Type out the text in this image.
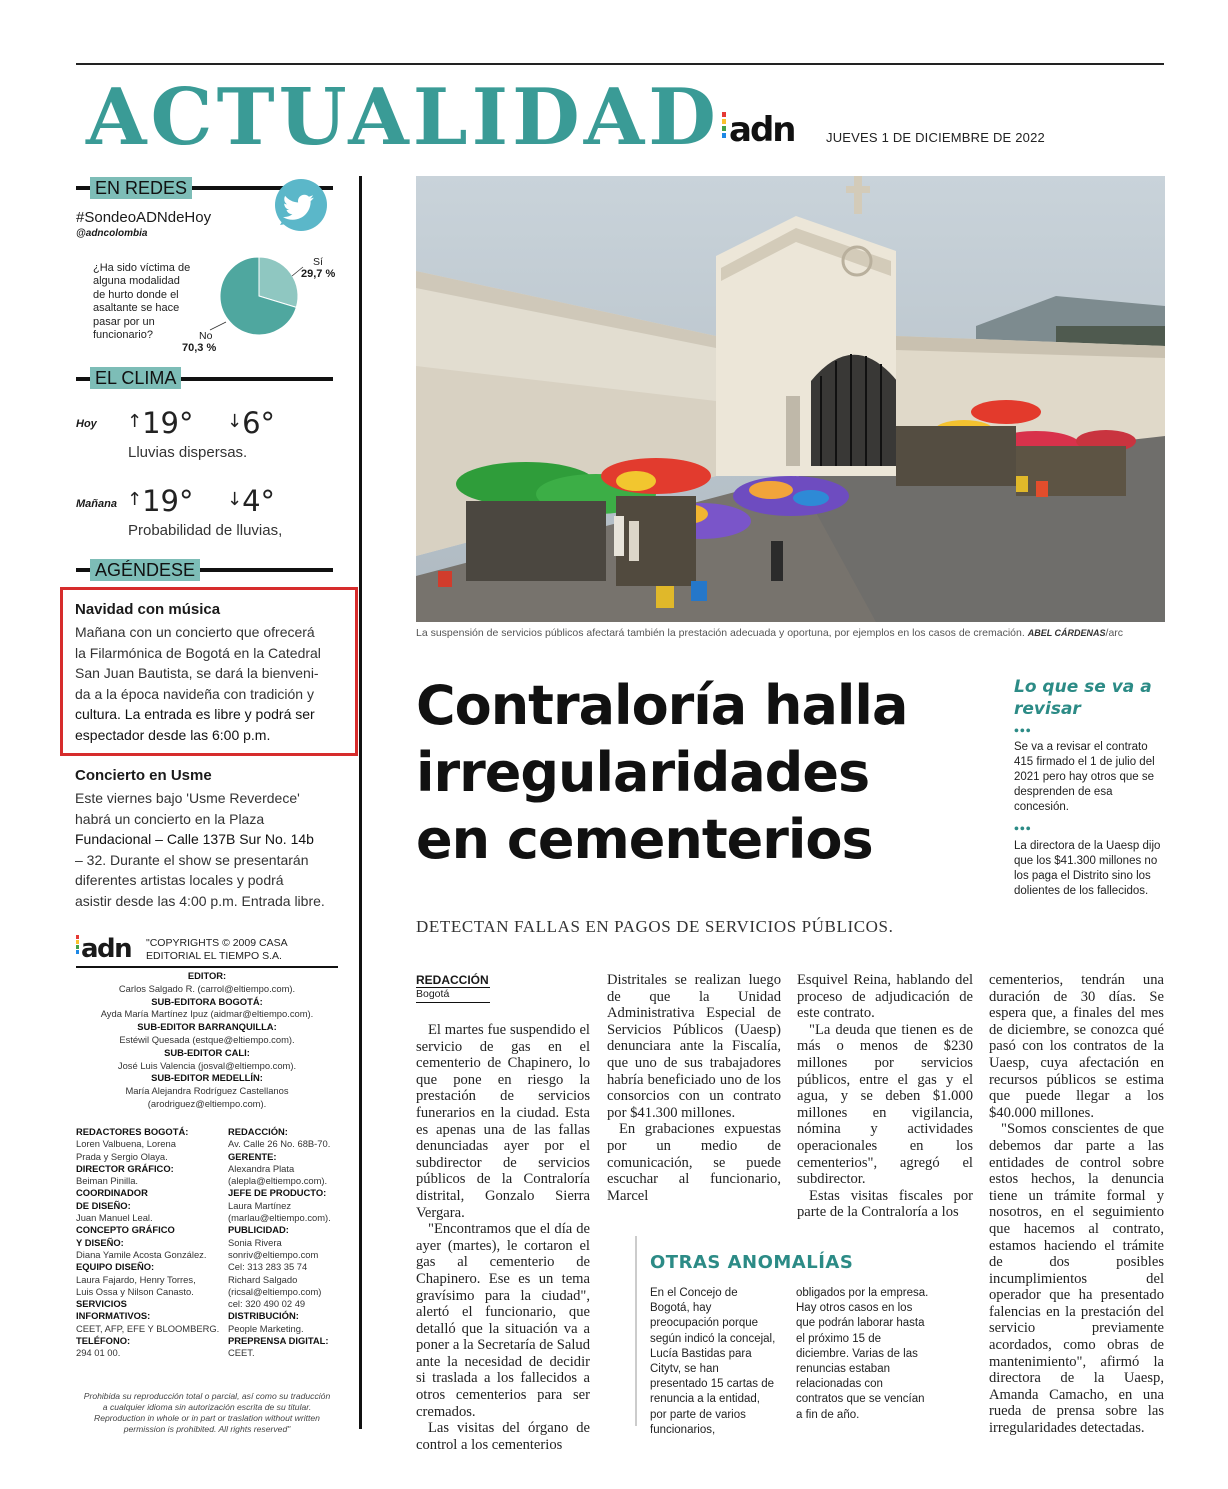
ACTUALIDAD adn JUEVES 1 DE DICIEMBRE DE 2022
EN REDES
#SondeoADNdeHoy
@adncolombia
¿Ha sido víctima de
alguna modalidad
de hurto donde el
asaltante se hace
pasar por un
funcionario?
Sí
29,7 %
No
70,3 %
EL CLIMA
Hoy ↑19° ↓6°
Lluvias dispersas.
Mañana ↑19° ↓4°
Probabilidad de lluvias,
AGÉNDESE
Navidad con música
Mañana con un concierto que ofrecerá
la Filarmónica de Bogotá en la Catedral
San Juan Bautista, se dará la bienveni-
da a la época navideña con tradición y
cultura. La entrada es libre y podrá ser
espectador desde las 6:00 p.m.
Concierto en Usme
Este viernes bajo 'Usme Reverdece'
habrá un concierto en la Plaza
Fundacional – Calle 137B Sur No. 14b
– 32. Durante el show se presentarán
diferentes artistas locales y podrá
asistir desde las 4:00 p.m. Entrada libre.
adn "COPYRIGHTS © 2009 CASA
EDITORIAL EL TIEMPO S.A.
EDITOR:
Carlos Salgado R. (carrol@eltiempo.com).
SUB-EDITORA BOGOTÁ:
Ayda María Martínez Ipuz (aidmar@eltiempo.com).
SUB-EDITOR BARRANQUILLA:
Estéwil Quesada (estque@eltiempo.com).
SUB-EDITOR CALI:
José Luis Valencia (josval@eltiempo.com).
SUB-EDITOR MEDELLÍN:
María Alejandra Rodríguez Castellanos
(arodriguez@eltiempo.com).
REDACTORES BOGOTÁ:
Loren Valbuena, Lorena
Prada y Sergio Olaya.
DIRECTOR GRÁFICO:
Beiman Pinilla.
COORDINADOR
DE DISEÑO:
Juan Manuel Leal.
CONCEPTO GRÁFICO
Y DISEÑO:
Diana Yamile Acosta González.
EQUIPO DISEÑO:
Laura Fajardo, Henry Torres,
Luis Ossa y Nilson Canasto.
SERVICIOS
INFORMATIVOS:
CEET, AFP, EFE Y BLOOMBERG.
TELÉFONO:
294 01 00.
REDACCIÓN:
Av. Calle 26 No. 68B-70.
GERENTE:
Alexandra Plata
(alepla@eltiempo.com).
JEFE DE PRODUCTO:
Laura Martínez
(marlau@eltiempo.com).
PUBLICIDAD:
Sonia Rivera
sonriv@eltiempo.com
Cel: 313 283 35 74
Richard Salgado
(ricsal@eltiempo.com)
cel: 320 490 02 49
DISTRIBUCIÓN:
People Marketing.
PREPRENSA DIGITAL:
CEET.
Prohibida su reproducción total o parcial, así como su traducción
a cualquier idioma sin autorización escrita de su titular.
Reproduction in whole or in part or traslation without written
permission is prohibited. All rights reserved"
La suspensión de servicios públicos afectará también la prestación adecuada y oportuna, por ejemplos en los casos de cremación. ABEL CÁRDENAS/arc
Contraloría halla
irregularidades
en cementerios
DETECTAN FALLAS EN PAGOS DE SERVICIOS PÚBLICOS.
Lo que se va a revisar
•••
Se va a revisar el contrato 415 firmado el 1 de julio del 2021 pero hay otros que se desprenden de esa concesión.
•••
La directora de la Uaesp dijo que los $41.300 millones no los paga el Distrito sino los dolientes de los fallecidos.
REDACCIÓN
Bogotá

El martes fue suspendido el servicio de gas en el cementerio de Chapinero, lo que pone en riesgo la prestación de servicios funerarios en la ciudad. Esta es apenas una de las fallas denunciadas ayer por el subdirector de servicios públicos de la Contraloría distrital, Gonzalo Sierra Vergara.

"Encontramos que el día de ayer (martes), le cortaron el gas al cementerio de Chapinero. Ese es un tema gravísimo para la ciudad", alertó el funcionario, que detalló que la situación va a poner a la Secretaría de Salud ante la necesidad de decidir si traslada a los fallecidos a otros cementerios para ser cremados.

Las visitas del órgano de control a los cementerios

Distritales se realizan luego de que la Unidad Administrativa Especial de Servicios Públicos (Uaesp) denunciara ante la Fiscalía, que uno de sus trabajadores habría beneficiado uno de los consorcios con un contrato por $41.300 millones.

En grabaciones expuestas por un medio de comunicación, se puede escuchar al funcionario, Marcel

Esquivel Reina, hablando del proceso de adjudicación de este contrato.

"La deuda que tienen es de más o menos de $230 millones por servicios públicos, entre el gas y el agua, y se deben $1.000 millones en vigilancia, nómina y actividades operacionales en los cementerios", agregó el subdirector.

Estas visitas fiscales por parte de la Contraloría a los

cementerios, tendrán una duración de 30 días. Se espera que, a finales del mes de diciembre, se conozca qué pasó con los contratos de la Uaesp, cuya afectación en recursos públicos se estima que puede llegar a los $40.000 millones.

"Somos conscientes de que debemos dar parte a las entidades de control sobre estos hechos, la denuncia tiene un trámite formal y nosotros, en el seguimiento que hacemos al contrato, estamos haciendo el trámite de dos posibles incumplimientos del operador que ha presentado falencias en la prestación del servicio previamente acordados, como obras de mantenimiento", afirmó la directora de la Uaesp, Amanda Camacho, en una rueda de prensa sobre las irregularidades detectadas.

OTRAS ANOMALÍAS
En el Concejo de Bogotá, hay preocupación porque según indicó la concejal, Lucía Bastidas para Citytv, se han presentado 15 cartas de renuncia a la entidad, por parte de varios funcionarios,
obligados por la empresa. Hay otros casos en los que podrán laborar hasta el próximo 15 de diciembre. Varias de las renuncias estaban relacionadas con contratos que se vencían a fin de año.
